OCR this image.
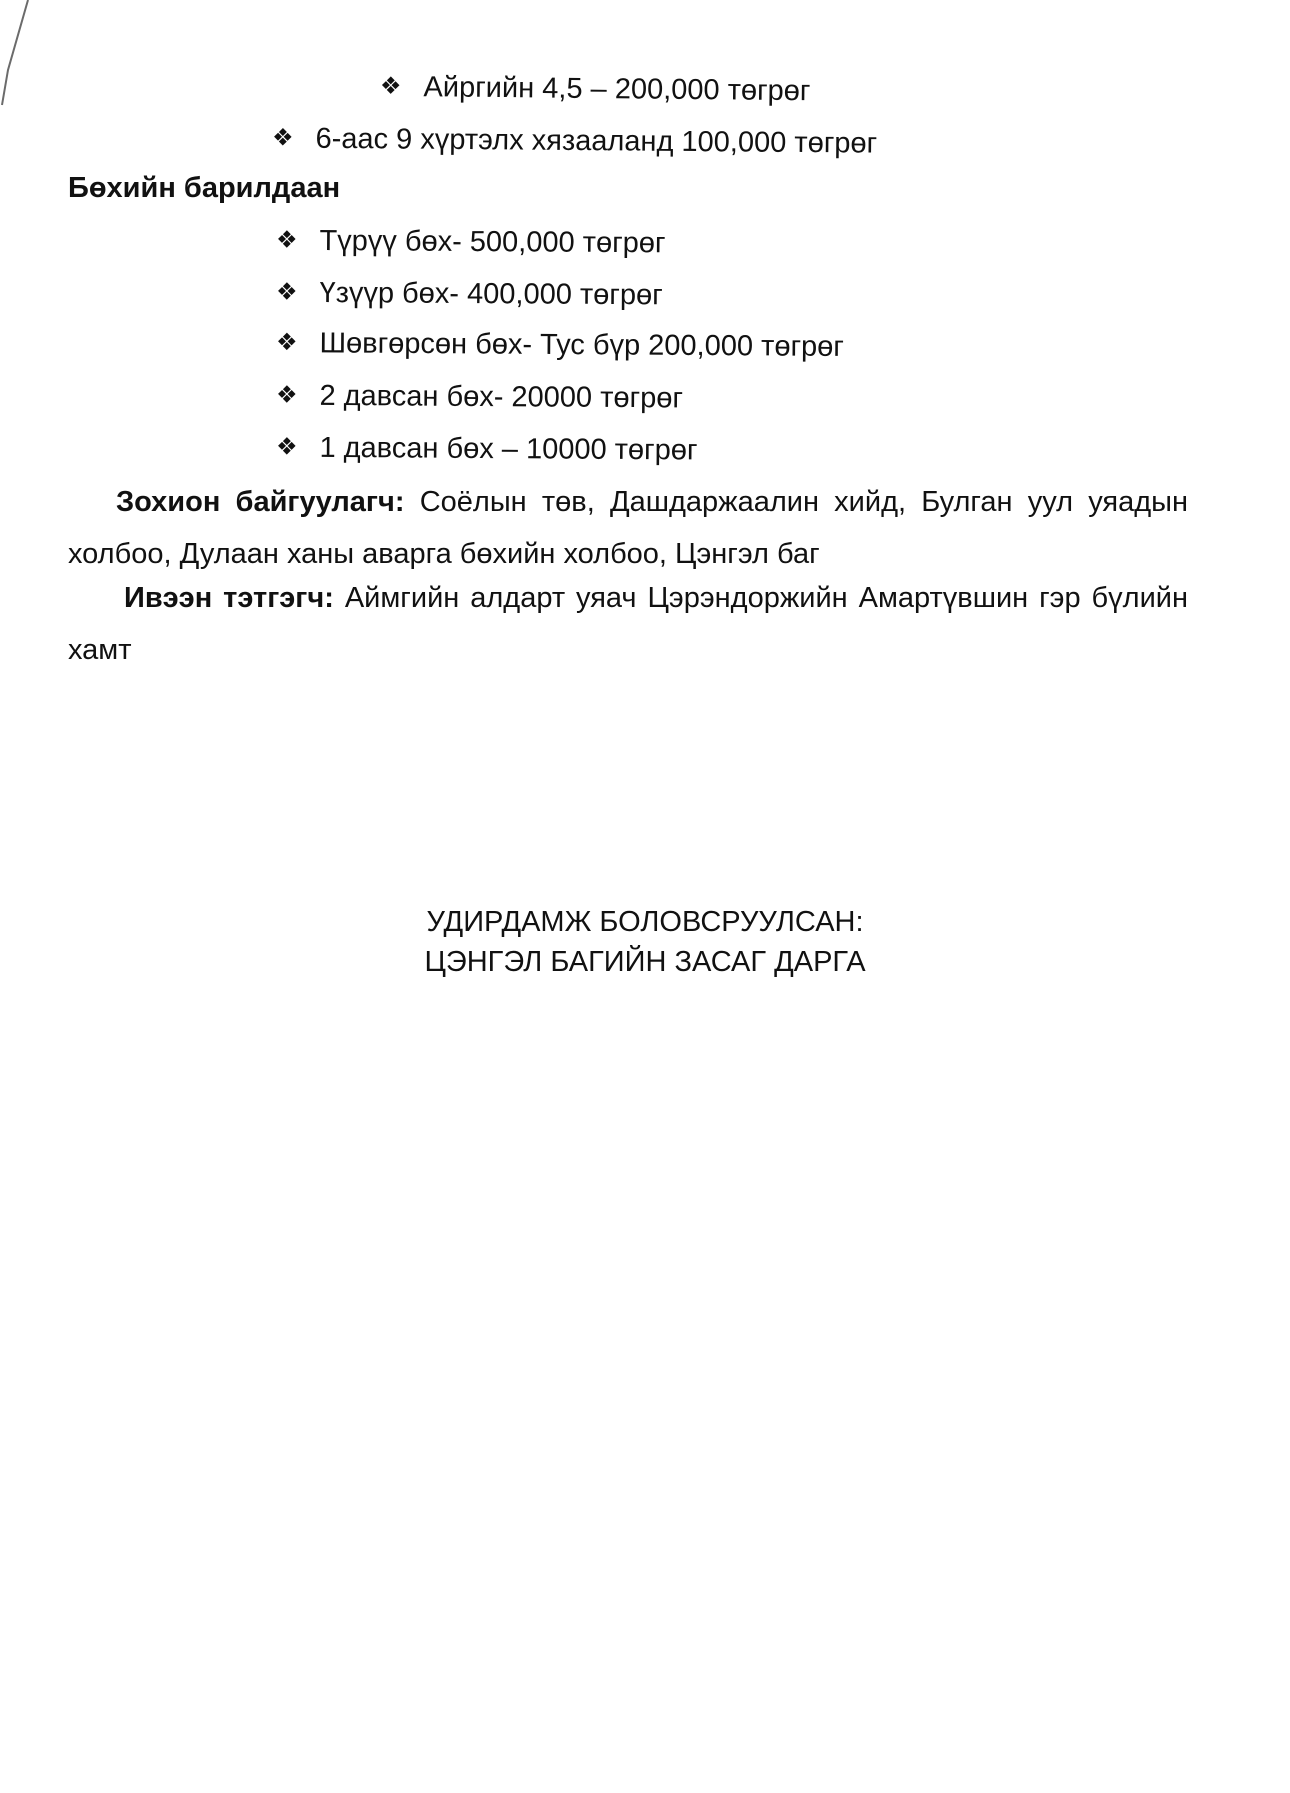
❖ Айргийн 4,5 – 200,000 төгрөг
❖ 6-аас 9 хүртэлх хязааланд 100,000 төгрөг
Бөхийн барилдаан
❖ Түрүү бөх- 500,000 төгрөг
❖ Үзүүр бөх- 400,000 төгрөг
❖ Шөвгөрсөн бөх- Тус бүр 200,000 төгрөг
❖ 2 давсан бөх- 20000 төгрөг
❖ 1 давсан бөх – 10000 төгрөг
Зохион байгуулагч: Соёлын төв, Дашдаржаалин хийд, Булган уул уяадын холбоо, Дулаан ханы аварга бөхийн холбоо, Цэнгэл баг
Ивээн тэтгэгч: Аймгийн алдарт уяач Цэрэндоржийн Амартүвшин гэр бүлийн хамт
УДИРДАМЖ БОЛОВСРУУЛСАН:
ЦЭНГЭЛ БАГИЙН ЗАСАГ ДАРГА
